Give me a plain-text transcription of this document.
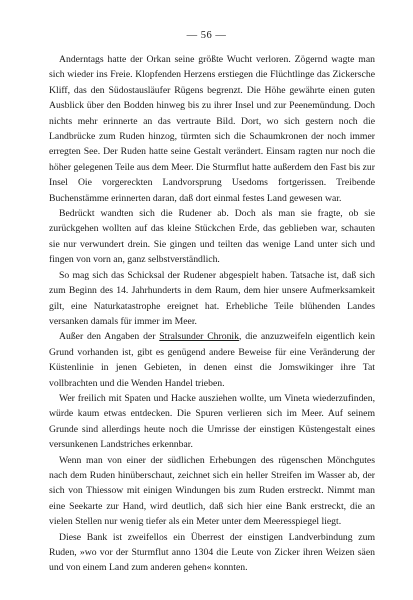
— 56 —

Anderntags hatte der Orkan seine größte Wucht verloren. Zögernd wagte man sich wieder ins Freie. Klopfenden Herzens erstiegen die Flüchtlinge das Zickersche Kliff, das den Südostausläufer Rügens begrenzt. Die Höhe gewährte einen guten Ausblick über den Bodden hinweg bis zu ihrer Insel und zur Peenemündung. Doch nichts mehr erinnerte an das vertraute Bild. Dort, wo sich gestern noch die Landbrücke zum Ruden hinzog, türmten sich die Schaumkronen der noch immer erregten See. Der Ruden hatte seine Gestalt verändert. Einsam ragten nur noch die höher gelegenen Teile aus dem Meer. Die Sturmflut hatte außerdem den Fast bis zur Insel Oie vorgereckten Landvorsprung Usedoms fortgerissen. Treibende Buchenstämme erinnerten daran, daß dort einmal festes Land gewesen war.

Bedrückt wandten sich die Rudener ab. Doch als man sie fragte, ob sie zurückgehen wollten auf das kleine Stückchen Erde, das geblieben war, schauten sie nur verwundert drein. Sie gingen und teilten das wenige Land unter sich und fingen von vorn an, ganz selbstverständlich.

So mag sich das Schicksal der Rudener abgespielt haben. Tatsache ist, daß sich zum Beginn des 14. Jahrhunderts in dem Raum, dem hier unsere Aufmerksamkeit gilt, eine Naturkatastrophe ereignet hat. Erhebliche Teile blühenden Landes versanken damals für immer im Meer.

Außer den Angaben der Stralsunder Chronik, die anzuzweifeln eigentlich kein Grund vorhanden ist, gibt es genügend andere Beweise für eine Veränderung der Küstenlinie in jenen Gebieten, in denen einst die Jomswikinger ihre Tat vollbrachten und die Wenden Handel trieben.

Wer freilich mit Spaten und Hacke ausziehen wollte, um Vineta wiederzufinden, würde kaum etwas entdecken. Die Spuren verlieren sich im Meer. Auf seinem Grunde sind allerdings heute noch die Umrisse der einstigen Küstengestalt eines versunkenen Landstriches erkennbar.

Wenn man von einer der südlichen Erhebungen des rügenschen Mönchgutes nach dem Ruden hinüberschaut, zeichnet sich ein heller Streifen im Wasser ab, der sich von Thiessow mit einigen Windungen bis zum Ruden erstreckt. Nimmt man eine Seekarte zur Hand, wird deutlich, daß sich hier eine Bank erstreckt, die an vielen Stellen nur wenig tiefer als ein Meter unter dem Meeresspiegel liegt.

Diese Bank ist zweifellos ein Überrest der einstigen Landverbindung zum Ruden, »wo vor der Sturmflut anno 1304 die Leute von Zicker ihren Weizen säen und von einem Land zum anderen gehen« konnten.
